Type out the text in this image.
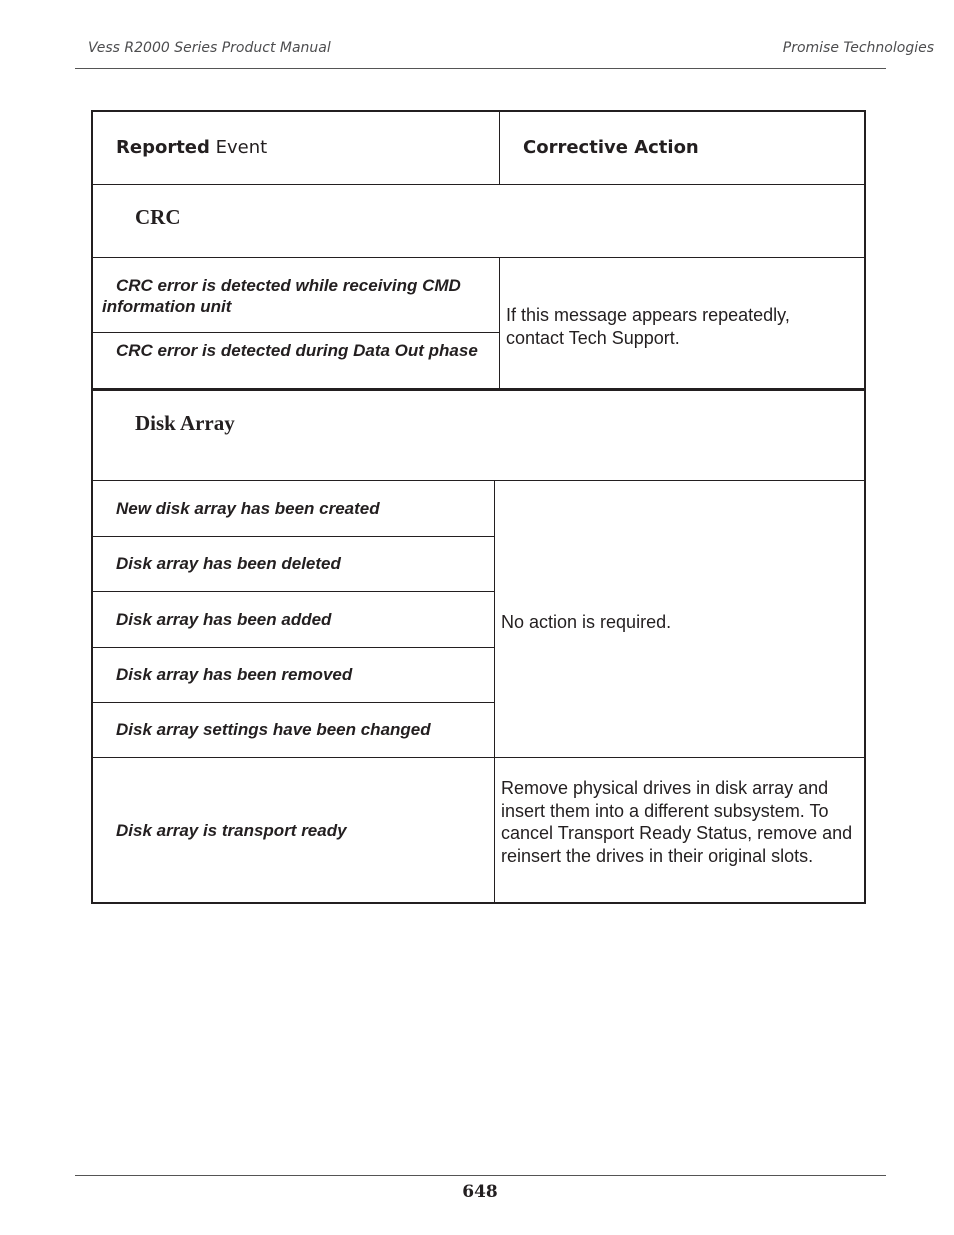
Vess R2000 Series Product Manual	Promise Technologies
Reported Event	Corrective Action
CRC
CRC error is detected while receiving CMD information unit
CRC error is detected during Data Out phase
If this message appears repeatedly, contact Tech Support.
Disk Array
New disk array has been created
Disk array has been deleted
Disk array has been added
Disk array has been removed
Disk array settings have been changed
No action is required.
Disk array is transport ready
Remove physical drives in disk array and insert them into a different subsystem. To cancel Transport Ready Status, remove and reinsert the drives in their original slots.
648
